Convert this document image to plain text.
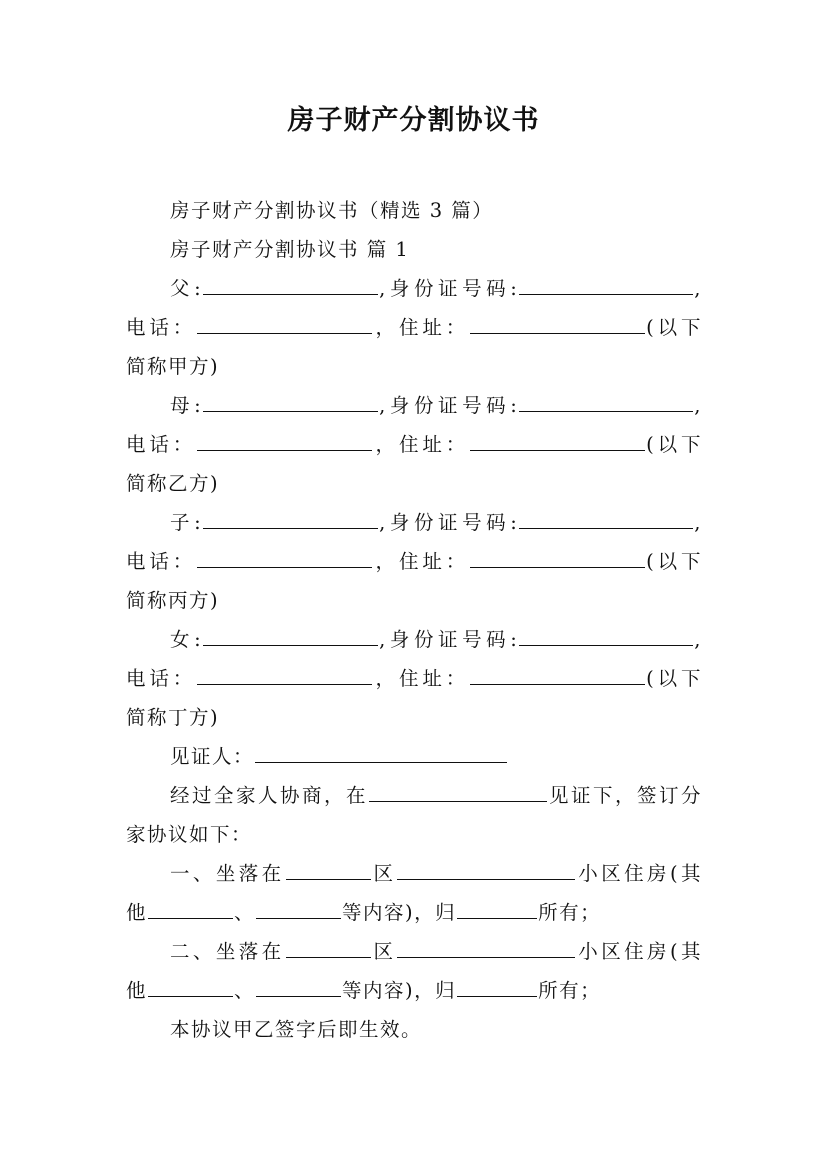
房子财产分割协议书
房子财产分割协议书（精选 3 篇）
房子财产分割协议书 篇 1
父:	,身份证号码:	,
电话：	，住址：	(以下
简称甲方)
母:	,身份证号码:	,
电话：	，住址：	(以下
简称乙方)
子:	,身份证号码:	,
电话：	，住址：	(以下
简称丙方)
女:	,身份证号码:	,
电话：	，住址：	(以下
简称丁方)
见证人：
经过全家人协商，在	见证下，签订分
家协议如下：
一、坐落在	区	小区住房(其
他	、	等内容)，归	所有；
二、坐落在	区	小区住房(其
他	、	等内容)，归	所有；
本协议甲乙签字后即生效。
